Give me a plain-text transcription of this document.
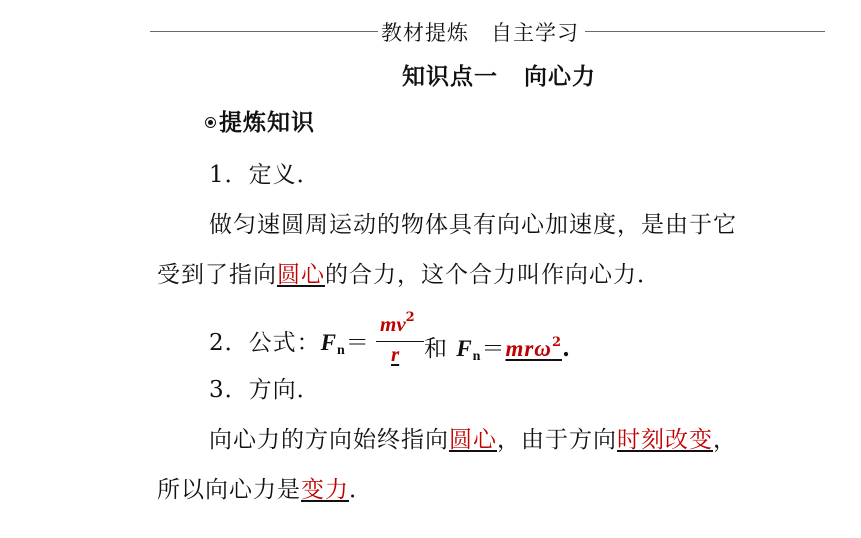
教材提炼　自主学习
知识点一 向心力
提炼知识
1．定义．
做匀速圆周运动的物体具有向心加速度，是由于它
受到了指向圆心的合力，这个合力叫作向心力．
2．公式：$F_n=$
$mv^2$
r 和 $F_n=mr\omega^2$.
3．方向．
向心力的方向始终指向圆心，由于方向时刻改变，
所以向心力是变力．
